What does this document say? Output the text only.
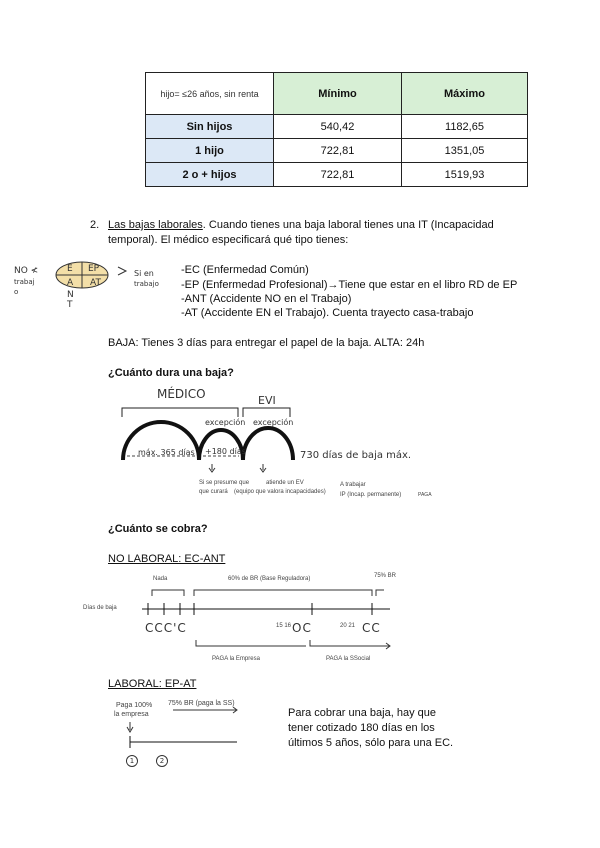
hijo= ≤26 años, sin renta	Mínimo	Máximo
Sin hijos	540,42	1182,65
1 hijo	722,81	1351,05
2 o + hijos	722,81	1519,93
2. Las bajas laborales. Cuando tienes una baja laboral tienes una IT (Incapacidad
temporal). El médico especificará qué tipo tienes:
NO ≮
trabaj
o
E EP
A AT
N
T
Si en
trabajo
-EC (Enfermedad Común)
-EP (Enfermedad Profesional)→Tiene que estar en el libro RD de EP
-ANT (Accidente NO en el Trabajo)
-AT (Accidente EN el Trabajo). Cuenta trayecto casa-trabajo
BAJA: Tienes 3 días para entregar el papel de la baja. ALTA: 24h
¿Cuánto dura una baja?
MÉDICO	EVI
excepción excepción
máx. 365 días +180 días	730 días de baja máx.
Si se presume que	atiende un EV
que curará (equipo que valora incapacidades)
A trabajar
IP (Incap. permanente)	PAGA
¿Cuánto se cobra?
NO LABORAL: EC-ANT
CCC'C	OC	CC
Nada	60% de BR (Base Reguladora)	75% BR
Días de baja
15 16	20 21
PAGA la Empresa	PAGA la SSocial
LABORAL: EP-AT
Paga 100%
la empresa
75% BR (paga la SS)
1	2
Para cobrar una baja, hay que
tener cotizado 180 días en los
últimos 5 años, sólo para una EC.
